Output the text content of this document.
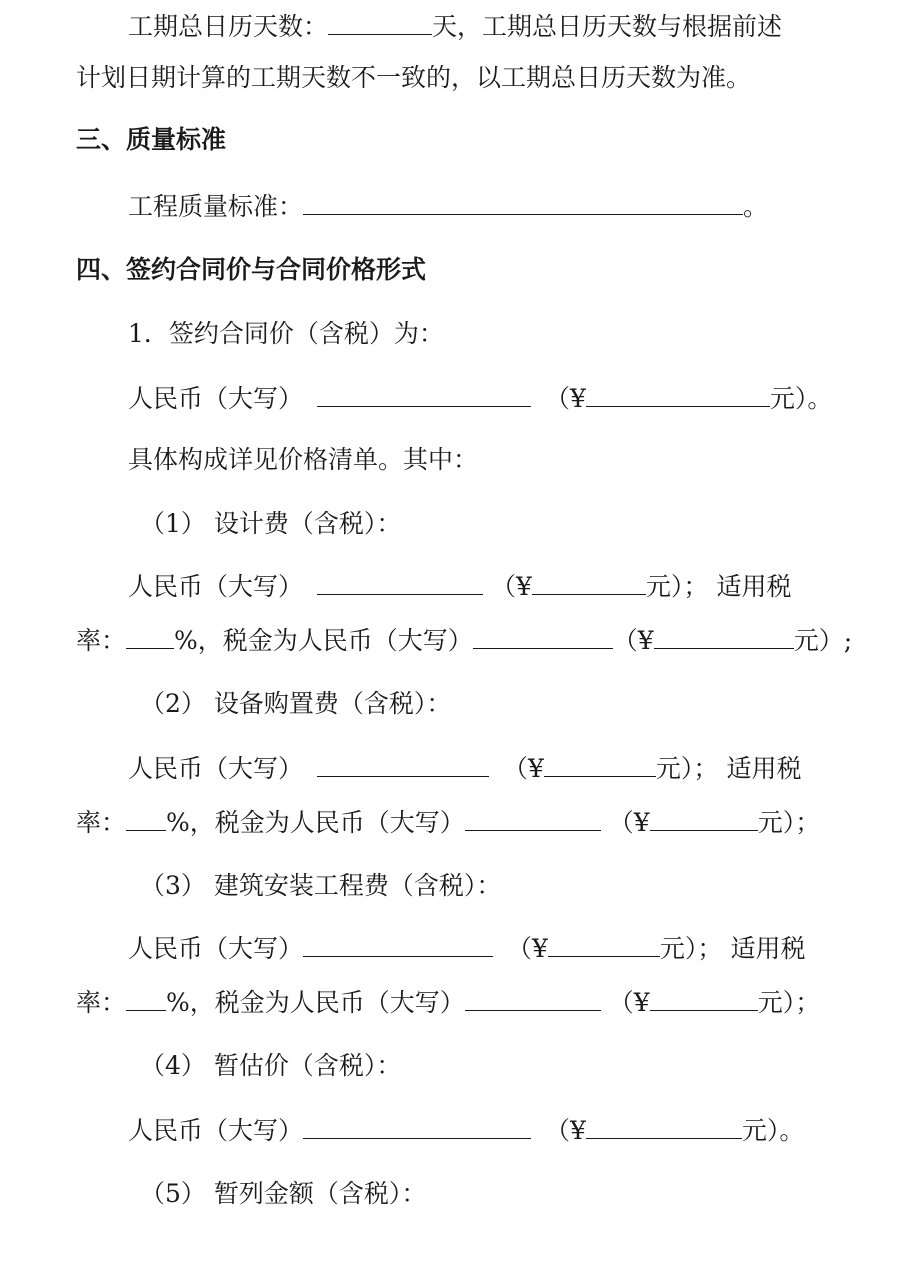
工期总日历天数：	天，工期总日历天数与根据前述
计划日期计算的工期天数不一致的，以工期总日历天数为准。
三、质量标准
工程质量标准：	。
四、签约合同价与合同价格形式
1．签约合同价（含税）为：
人民币（大写）	（¥	元）。
具体构成详见价格清单。其中：
（1） 设计费（含税）：
人民币（大写）	（¥	元）； 适用税
率： %，税金为人民币（大写）	（¥	元）;
（2） 设备购置费（含税）：
人民币（大写）	（¥	元）； 适用税
率： %，税金为人民币（大写）	（¥	元）；
（3） 建筑安装工程费（含税）：
人民币（大写）	（¥	元）； 适用税
率： %，税金为人民币（大写）	（¥	元）；
（4） 暂估价（含税）：
人民币（大写）	（¥	元）。
（5） 暂列金额（含税）：
